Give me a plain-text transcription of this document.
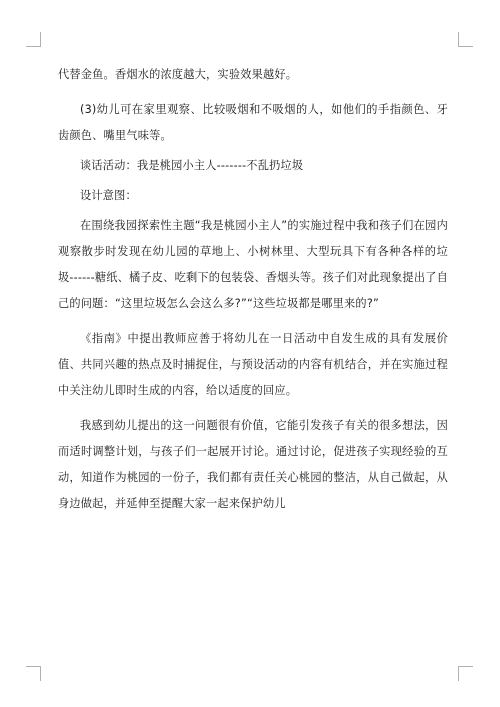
代替金鱼。香烟水的浓度越大，实验效果越好。

(3)幼儿可在家里观察、比较吸烟和不吸烟的人，如他们的手指颜色、牙齿颜色、嘴里气味等。

谈话活动：我是桃园小主人-------不乱扔垃圾

设计意图：

在围绕我园探索性主题“我是桃园小主人”的实施过程中我和孩子们在园内观察散步时发现在幼儿园的草地上、小树林里、大型玩具下有各种各样的垃圾------糖纸、橘子皮、吃剩下的包装袋、香烟头等。孩子们对此现象提出了自己的问题：“这里垃圾怎么会这么多?”“这些垃圾都是哪里来的?”

《指南》中提出教师应善于将幼儿在一日活动中自发生成的具有发展价值、共同兴趣的热点及时捕捉住，与预设活动的内容有机结合，并在实施过程中关注幼儿即时生成的内容，给以适度的回应。

我感到幼儿提出的这一问题很有价值，它能引发孩子有关的很多想法，因而适时调整计划，与孩子们一起展开讨论。通过讨论，促进孩子实现经验的互动，知道作为桃园的一份子，我们都有责任关心桃园的整洁，从自己做起，从身边做起，并延伸至提醒大家一起来保护幼儿
